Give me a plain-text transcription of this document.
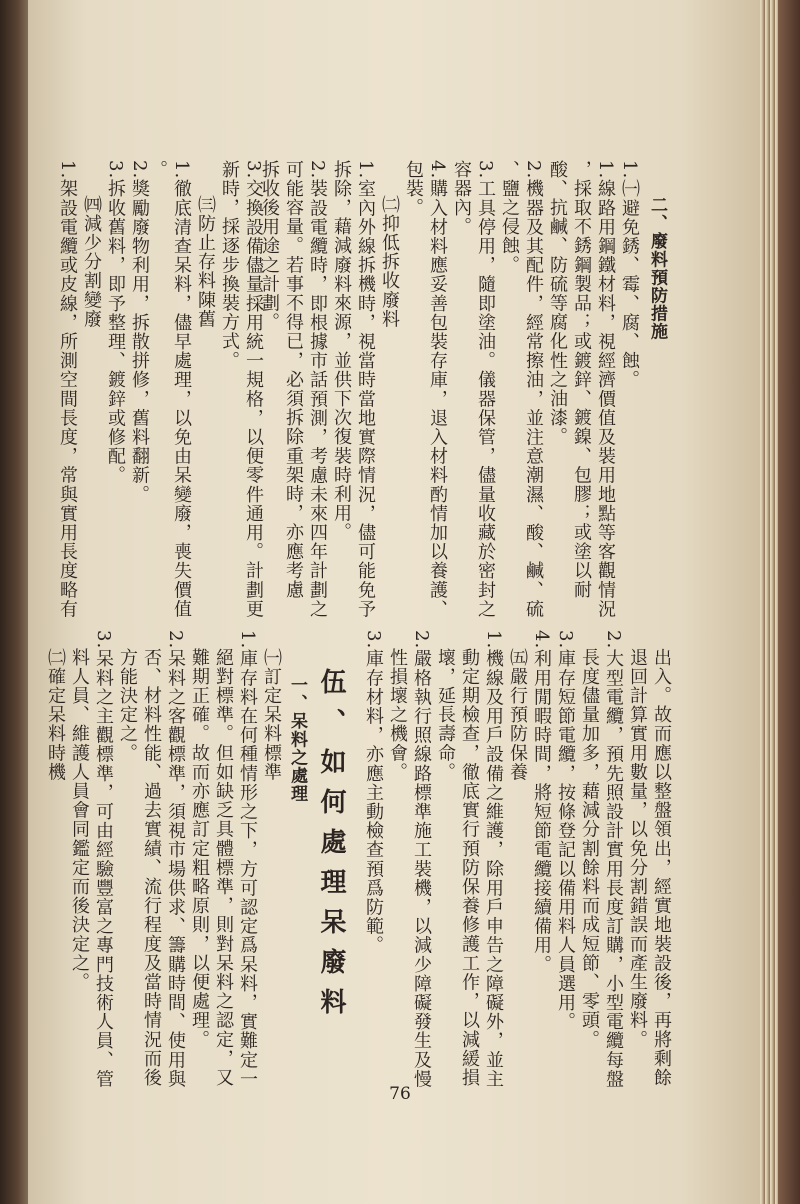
二、廢料預防措施
1.㈠避免銹、霉、腐、蝕。
1.線路用鋼鐵材料，視經濟價值及裝用地點等客觀情況
，採取不銹鋼製品；或鍍鋅、鍍鎳、包膠；或塗以耐
酸、抗鹹、防硫等腐化性之油漆。
2.機器及其配件，經常擦油，並注意潮濕、酸、鹹、硫
、鹽之侵蝕。
3.工具停用，隨即塗油。儀器保管，儘量收藏於密封之
容器內。
4.購入材料應妥善包裝存庫，退入材料酌情加以養護、
包裝。
㈡抑低拆收廢料
1.室內外線拆機時，視當時當地實際情況，儘可能免予
拆除，藉減廢料來源，並供下次復裝時利用。
2.裝設電纜時，即根據市話預測，考慮未來四年計劃之
可能容量。若事不得已，必須拆除重架時，亦應考慮
拆收後用途之計劃。
3.交換設備儘量採用統一規格，以便零件通用。計劃更
新時，採逐步換裝方式。
㈢防止存料陳舊
1.徹底清查呆料，儘早處理，以免由呆變廢，喪失價值
。
2.獎勵廢物利用，拆散拼修，舊料翻新。
3.拆收舊料，即予整理、鍍鋅或修配。
㈣減少分割變廢
1.架設電纜或皮線，所測空間長度，常與實用長度略有
出入。故而應以整盤領出，經實地裝設後，再將剩餘
退回計算實用數量，以免分割錯誤而產生廢料。
2.大型電纜，預先照設計實用長度訂購，小型電纜每盤
長度儘量加多，藉減分割餘料而成短節、零頭。
3.庫存短節電纜，按條登記以備用料人員選用。
4.利用閒暇時間，將短節電纜接續備用。
㈤嚴行預防保養
1.機線及用戶設備之維護，除用戶申告之障礙外，並主
動定期檢查，徹底實行預防保養修護工作，以減緩損
壞，延長壽命。
2.嚴格執行照線路標準施工裝機，以減少障礙發生及慢
性損壞之機會。
3.庫存材料，亦應主動檢查預爲防範。
伍、如何處理呆廢料
一、呆料之處理
㈠訂定呆料標準
1.庫存料在何種情形之下，方可認定爲呆料，實難定一
絕對標準。但如缺乏具體標準，則對呆料之認定，又
難期正確。故而亦應訂定粗略原則，以便處理。
2.呆料之客觀標準，須視市場供求、籌購時間、使用與
否、材料性能、過去實績、流行程度及當時情況而後
方能決定之。
3.呆料之主觀標準，可由經驗豐富之專門技術人員、管
料人員、維護人員會同鑑定而後決定之。
㈡確定呆料時機
76
